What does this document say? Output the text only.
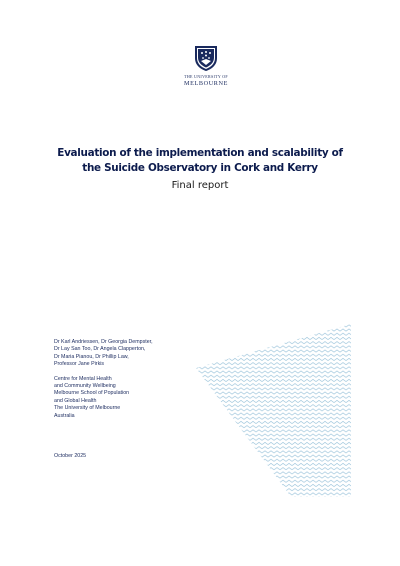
THE UNIVERSITY OF
MELBOURNE
Evaluation of the implementation and scalability of
the Suicide Observatory in Cork and Kerry
Final report

Dr Karl Andriessen, Dr Georgia Dempster,
Dr Lay San Too, Dr Angela Clapperton,
Dr Maria Pianou, Dr Phillip Law,
Professor Jane Pirkis

Centre for Mental Health
and Community Wellbeing
Melbourne School of Population
and Global Health
The University of Melbourne
Australia

October 2025
